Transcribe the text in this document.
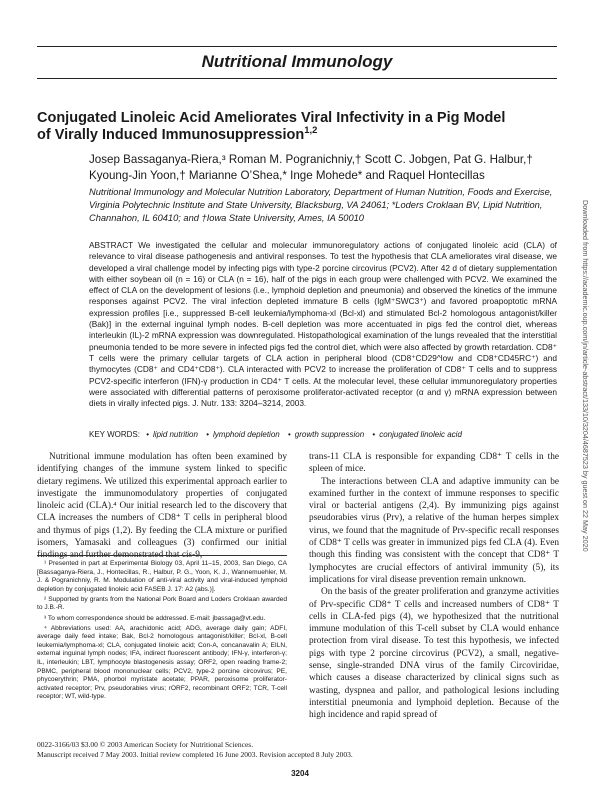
Nutritional Immunology
Conjugated Linoleic Acid Ameliorates Viral Infectivity in a Pig Model of Virally Induced Immunosuppression$^{1,2}$
Josep Bassaganya-Riera,³ Roman M. Pogranichniy,† Scott C. Jobgen, Pat G. Halbur,† Kyoung-Jin Yoon,† Marianne O’Shea,* Inge Mohede* and Raquel Hontecillas
Nutritional Immunology and Molecular Nutrition Laboratory, Department of Human Nutrition, Foods and Exercise, Virginia Polytechnic Institute and State University, Blacksburg, VA 24061; *Loders Croklaan BV, Lipid Nutrition, Channahon, IL 60410; and †Iowa State University, Ames, IA 50010
ABSTRACT We investigated the cellular and molecular immunoregulatory actions of conjugated linoleic acid (CLA) of relevance to viral disease pathogenesis and antiviral responses. To test the hypothesis that CLA ameliorates viral disease, we developed a viral challenge model by infecting pigs with type-2 porcine circovirus (PCV2). After 42 d of dietary supplementation with either soybean oil (n = 16) or CLA (n = 16), half of the pigs in each group were challenged with PCV2. We examined the effect of CLA on the development of lesions (i.e., lymphoid depletion and pneumonia) and observed the kinetics of the immune responses against PCV2. The viral infection depleted immature B cells (IgM⁺SWC3⁺) and favored proapoptotic mRNA expression profiles [i.e., suppressed B-cell leukemia/lymphoma-xl (Bcl-xl) and stimulated Bcl-2 homologous antagonist/killer (Bak)] in the external inguinal lymph nodes. B-cell depletion was more accentuated in pigs fed the control diet, whereas interleukin (IL)-2 mRNA expression was downregulated. Histopathological examination of the lungs revealed that the interstitial pneumonia tended to be more severe in infected pigs fed the control diet, which were also affected by growth retardation. CD8⁺ T cells were the primary cellular targets of CLA action in peripheral blood (CD8⁺CD29^low and CD8⁺CD45RC⁺) and thymocytes (CD8⁺ and CD4⁺CD8⁺). CLA interacted with PCV2 to increase the proliferation of CD8⁺ T cells and to suppress PCV2-specific interferon (IFN)-γ production in CD4⁺ T cells. At the molecular level, these cellular immunoregulatory properties were associated with differential patterns of peroxisome proliferator-activated receptor (α and γ) mRNA expression between diets in virally infected pigs. J. Nutr. 133: 3204–3214, 2003.
KEY WORDS: • lipid nutrition • lymphoid depletion • growth suppression • conjugated linoleic acid

Nutritional immune modulation has often been examined by identifying changes of the immune system linked to specific dietary regimens. We utilized this experimental approach earlier to investigate the immunomodulatory properties of conjugated linoleic acid (CLA).⁴ Our initial research led to the discovery that CLA increases the numbers of CD8⁺ T cells in peripheral blood and thymus of pigs (1,2). By feeding the CLA mixture or purified isomers, Yamasaki and colleagues (3) confirmed our initial findings and further demonstrated that cis-9,

¹ Presented in part at Experimental Biology 03, April 11–15, 2003, San Diego, CA [Bassaganya-Riera, J., Hontecillas, R., Halbur, P. G., Yoon, K. J., Wannemuehler, M. J. & Pogranichniy, R. M. Modulation of anti-viral activity and viral-induced lymphoid depletion by conjugated linoleic acid FASEB J. 17: A2 (abs.)].

² Supported by grants from the National Pork Board and Loders Croklaan awarded to J.B.-R.

³ To whom correspondence should be addressed. E-mail: jbassaga@vt.edu.

⁴ Abbreviations used: AA, arachidonic acid; ADG, average daily gain; ADFI, average daily feed intake; Bak, Bcl-2 homologous antagonist/killer; Bcl-xl, B-cell leukemia/lymphoma-xl; CLA, conjugated linoleic acid; Con-A, concanavalin A; EILN, external inguinal lymph nodes; IFA, indirect fluorescent antibody; IFN-γ, interferon-γ; IL, interleukin; LBT, lymphocyte blastogenesis assay; ORF2, open reading frame-2; PBMC, peripheral blood mononuclear cells; PCV2, type-2 porcine circovirus; PE, phycoerythrin; PMA, phorbol myristate acetate; PPAR, peroxisome proliferator-activated receptor; Prv, pseudorabies virus; rORF2, recombinant ORF2; TCR, T-cell receptor; WT, wild-type.

trans-11 CLA is responsible for expanding CD8⁺ T cells in the spleen of mice.

The interactions between CLA and adaptive immunity can be examined further in the context of immune responses to specific viral or bacterial antigens (2,4). By immunizing pigs against pseudorabies virus (Prv), a relative of the human herpes simplex virus, we found that the magnitude of Prv-specific recall responses of CD8⁺ T cells was greater in immunized pigs fed CLA (4). Even though this finding was consistent with the concept that CD8⁺ T lymphocytes are crucial effectors of antiviral immunity (5), its implications for viral disease prevention remain unknown.

On the basis of the greater proliferation and granzyme activities of Prv-specific CD8⁺ T cells and increased numbers of CD8⁺ T cells in CLA-fed pigs (4), we hypothesized that the nutritional immune modulation of this T-cell subset by CLA would enhance protection from viral disease. To test this hypothesis, we infected pigs with type 2 porcine circovirus (PCV2), a small, negative-sense, single-stranded DNA virus of the family Circoviridae, which causes a disease characterized by clinical signs such as wasting, dyspnea and pallor, and pathological lesions including interstitial pneumonia and lymphoid depletion. Because of the high incidence and rapid spread of

0022-3166/03 $3.00 © 2003 American Society for Nutritional Sciences.
Manuscript received 7 May 2003. Initial review completed 16 June 2003. Revision accepted 8 July 2003.
3204
Downloaded from https://academic.oup.com/jn/article-abstract/133/10/3204/4687523 by guest on 22 May 2020
